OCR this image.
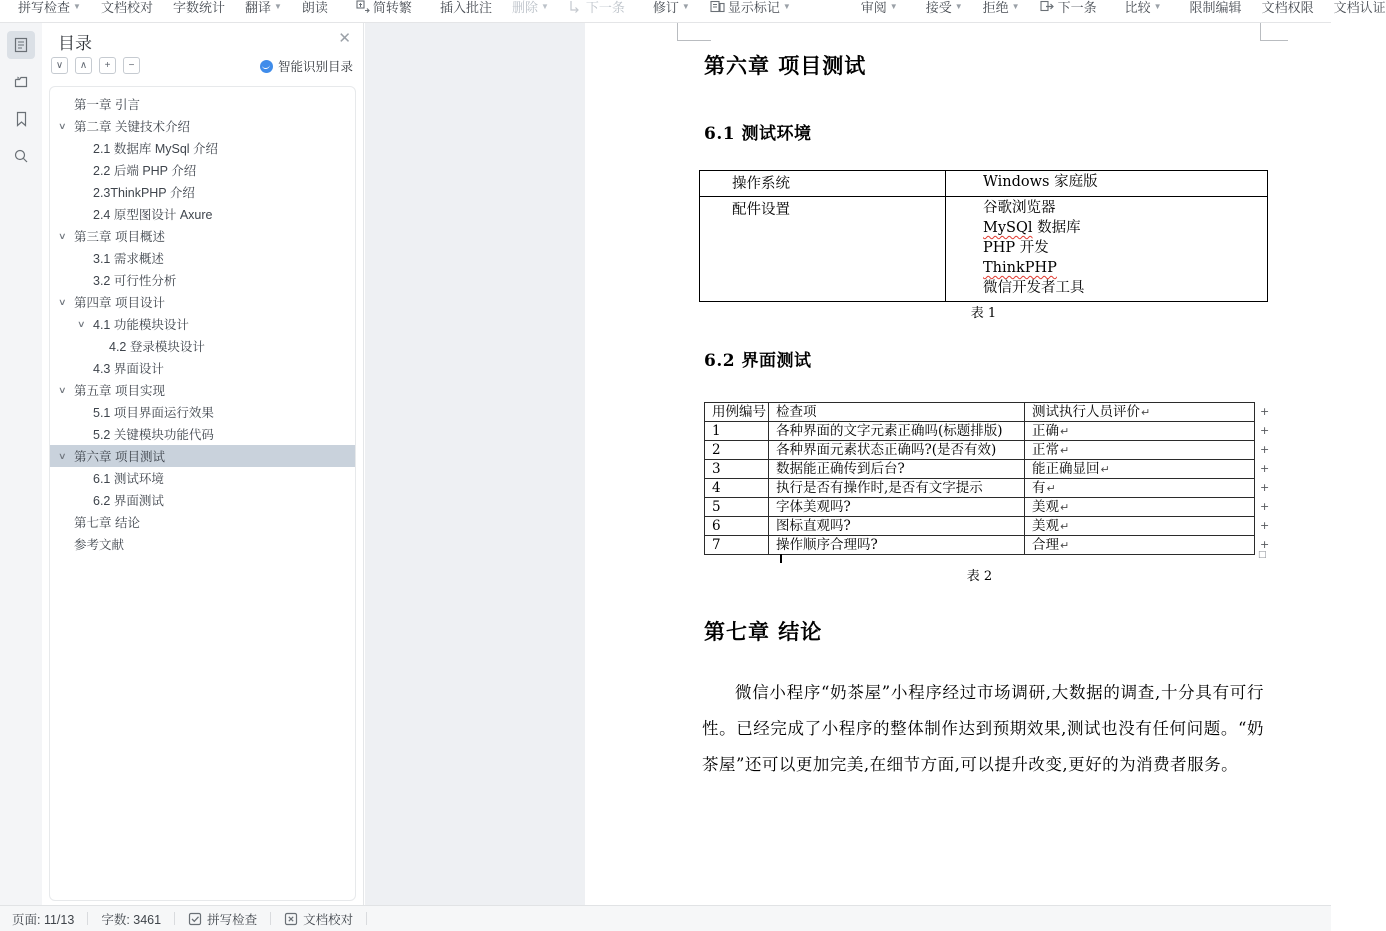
拼写检查 ▼ 文档校对 字数统计 翻译 ▼ 朗读	简转繁 插入批注 删除 ▼	下一条 修订 ▼	显示标记 ▼	审阅 ▼ 接受 ▼ 拒绝 ▼	下一条 比较 ▼ 限制编辑 文档权限 文档认证
目录	✕
∨	∧	+	−	智能识别目录
第一章 引言
∨ 第二章 关键技术介绍
2.1 数据库 MySql 介绍
2.2 后端 PHP 介绍
2.3ThinkPHP 介绍
2.4 原型图设计 Axure
∨ 第三章 项目概述
3.1 需求概述
3.2 可行性分析
∨ 第四章 项目设计
∨ 4.1 功能模块设计
4.2 登录模块设计
4.3 界面设计
∨ 第五章 项目实现
5.1 项目界面运行效果
5.2 关键模块功能代码
∨ 第六章 项目测试
6.1 测试环境
6.2 界面测试
第七章 结论
参考文献
第六章 项目测试
6.1 测试环境
操作系统	Windows 家庭版

配件设置	谷歌浏览器
MySQl 数据库
PHP 开发
ThinkPHP
微信开发者工具
表 1
6.2 界面测试
用例编号	检查项	测试执行人员评价↵
1	各种界面的文字元素正确吗(标题排版)	正确↵
2	各种界面元素状态正确吗?(是否有效)	正常↵
3	数据能正确传到后台?	能正确显回↵
4	执行是否有操作时,是否有文字提示	有↵
5	字体美观吗?	美观↵
6	图标直观吗?	美观↵
7	操作顺序合理吗?	合理↵
+
+
+
+
+
+
+
+
□
表 2
第七章 结论
微信小程序“奶茶屋”小程序经过市场调研,大数据的调查,十分具有可行性。已经完成了小程序的整体制作达到预期效果,测试也没有任何问题。“奶茶屋”还可以更加完美,在细节方面,可以提升改变,更好的为消费者服务。
页面: 11/13 字数: 3461	拼写检查	文档校对
